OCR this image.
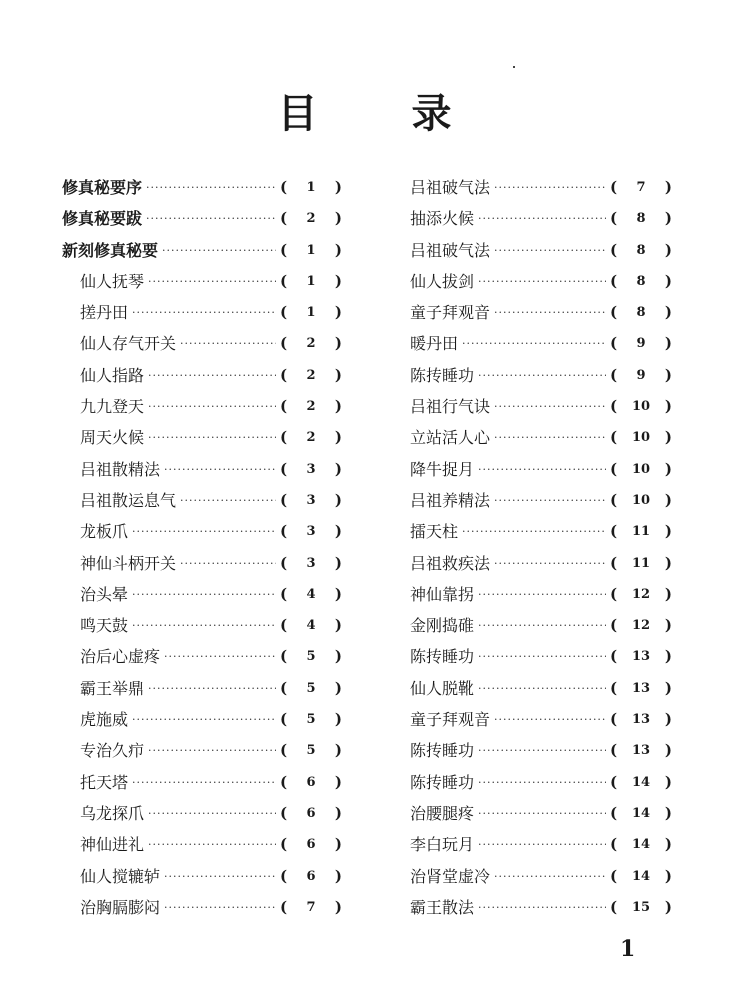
目 录
修真秘要序 ·····	(	1	)
修真秘要跋 ·····	(	2	)
新刻修真秘要 ·····	(	1	)
仙人抚琴 ·····	(	1	)
搓丹田 ·····	(	1	)
仙人存气开关 ·····	(	2	)
仙人指路 ·····	(	2	)
九九登天 ·····	(	2	)
周天火候 ·····	(	2	)
吕祖散精法 ·····	(	3	)
吕祖散运息气 ·····	(	3	)
龙板爪 ·····	(	3	)
神仙斗柄开关 ·····	(	3	)
治头晕 ·····	(	4	)
鸣天鼓 ·····	(	4	)
治后心虚疼 ·····	(	5	)
霸王举鼎 ·····	(	5	)
虎施威 ·····	(	5	)
专治久疖 ·····	(	5	)
托天塔 ·····	(	6	)
乌龙探爪 ·····	(	6	)
神仙进礼 ·····	(	6	)
仙人搅辘轳 ·····	(	6	)
治胸膈膨闷 ·····	(	7	)
吕祖破气法 ·····	(	7	)
抽添火候 ·····	(	8	)
吕祖破气法 ·····	(	8	)
仙人拔剑 ·····	(	8	)
童子拜观音 ·····	(	8	)
暖丹田 ·····	(	9	)
陈抟睡功 ·····	(	9	)
吕祖行气诀 ·····	(	10 )
立站活人心 ·····	(	10 )
降牛捉月 ·····	(	10 )
吕祖养精法 ·····	(	10 )
擂天柱 ·····	(	11 )
吕祖救疾法 ·····	(	11 )
神仙靠拐 ·····	(	12 )
金刚捣碓 ·····	(	12 )
陈抟睡功 ·····	(	13 )
仙人脱靴 ·····	(	13 )
童子拜观音 ·····	(	13 )
陈抟睡功 ·····	(	13 )
陈抟睡功 ·····	(	14 )
治腰腿疼 ·····	(	14 )
李白玩月 ·····	(	14 )
治肾堂虚冷 ·····	(	14 )
霸王散法 ·····	(	15 )
1
